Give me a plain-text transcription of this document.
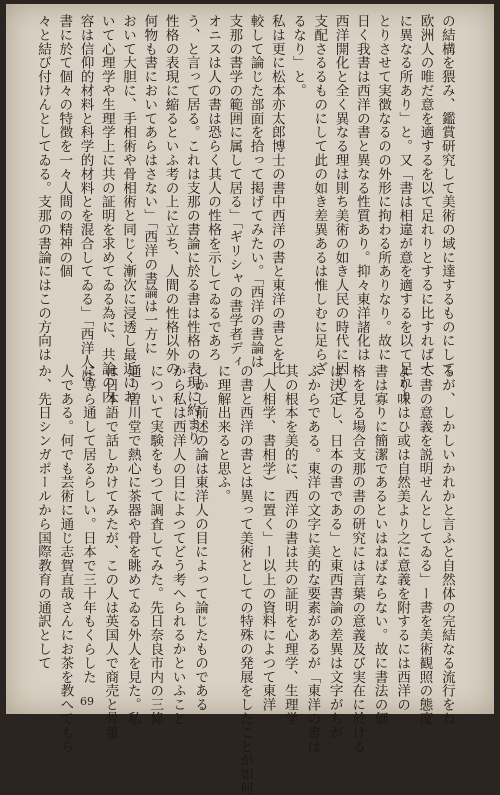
の結構を猥み、鑑賞研究して美術の域に達するものにして
欧洲人の唯だ意を適するを以て足れりとするに比すれば大
に異なる所あり」と。又「書は相違が意を適するを以て足れり
とりさせて実徴なるのの外形に拘わる所ありなり。故に
日く我書は西洋の書と異なる性質あり。抑々東洋諸化は
西洋開化と全く異なる理は則ち美術の如き人民の時代に因りて
支配さるるものにして此の如き差異あるは惟しむに足らざ
るなり」と。
私は更に松本亦太郎博士の書中西洋の書と東洋の書とを比
較して論じた部面を拾って掲げてみたい。「西洋の書論は
支那の書学の範囲に属して居る」「ギリシャの書学者ディ
オニスは人の書は恐らく其人の性格を示してゐるであろ
う、と言って居る。これは支那の書論に於る書は性格の表現に約まり
性格の表現に縮るといふ考の上に立ち、人間の性格以外の
何物も書においてあらはさない」「西洋の書論は一方に
おいて大胆に、手相術や骨相術と同じく漸次に浸透し最近にお
いて心理学や生理学上に共の証明を求めてゐる為に、共論の内
容は信仰的材料と科学的材料とを混合してゐる」「西洋人は
書に於て個々の特徴を一々人間の精神の個
々と結び付けんとしてゐる。支那の書論にはこの方向は
るが、しかしいかれかと言ふと自然体の完結なる流行をね
て書の意義を説明せんとしてゐる」ー書を美術観照の態度
より味はひ或は自然美より之に意義を附するには西洋の
書は寡りに簡潔であるといはねばならない。故に書法の価
格を見る場合支那の書の研究には言葉の意義及び実在に於ける
は決定し、日本の書である」と東西書論の差異は文字がちが
ふからである。東洋の文字に美的な要素があるが「東洋の書は
其の根本を美的に、西洋の書は共の証明を心理学、生理学
（人相学、書相学）に置く」ー以上の資料によつて東洋
の書と西洋の書とは異って美術としての特殊の発展をしたことが如何
に理解出来ると思ふ。
しかし前述の論は東洋人の目によって論じたものである
から私は西洋人の目によつてどう考へられるかといふこと
について実験をもつて調査してみた。先日奈良市内の三條
通り曽川堂で熱心に茶器や骨を眺めてゐる外人を見た。私
は日本語で話しかけてみたが、この人は英国人で商売と骨董
に専ら通して居るらしい。日本で三十年もくらした
人である。何でも芸術に通じ志賀直哉さんにお茶を教へてもら
か、先日シンガポールから国際教育の通訳として
69
